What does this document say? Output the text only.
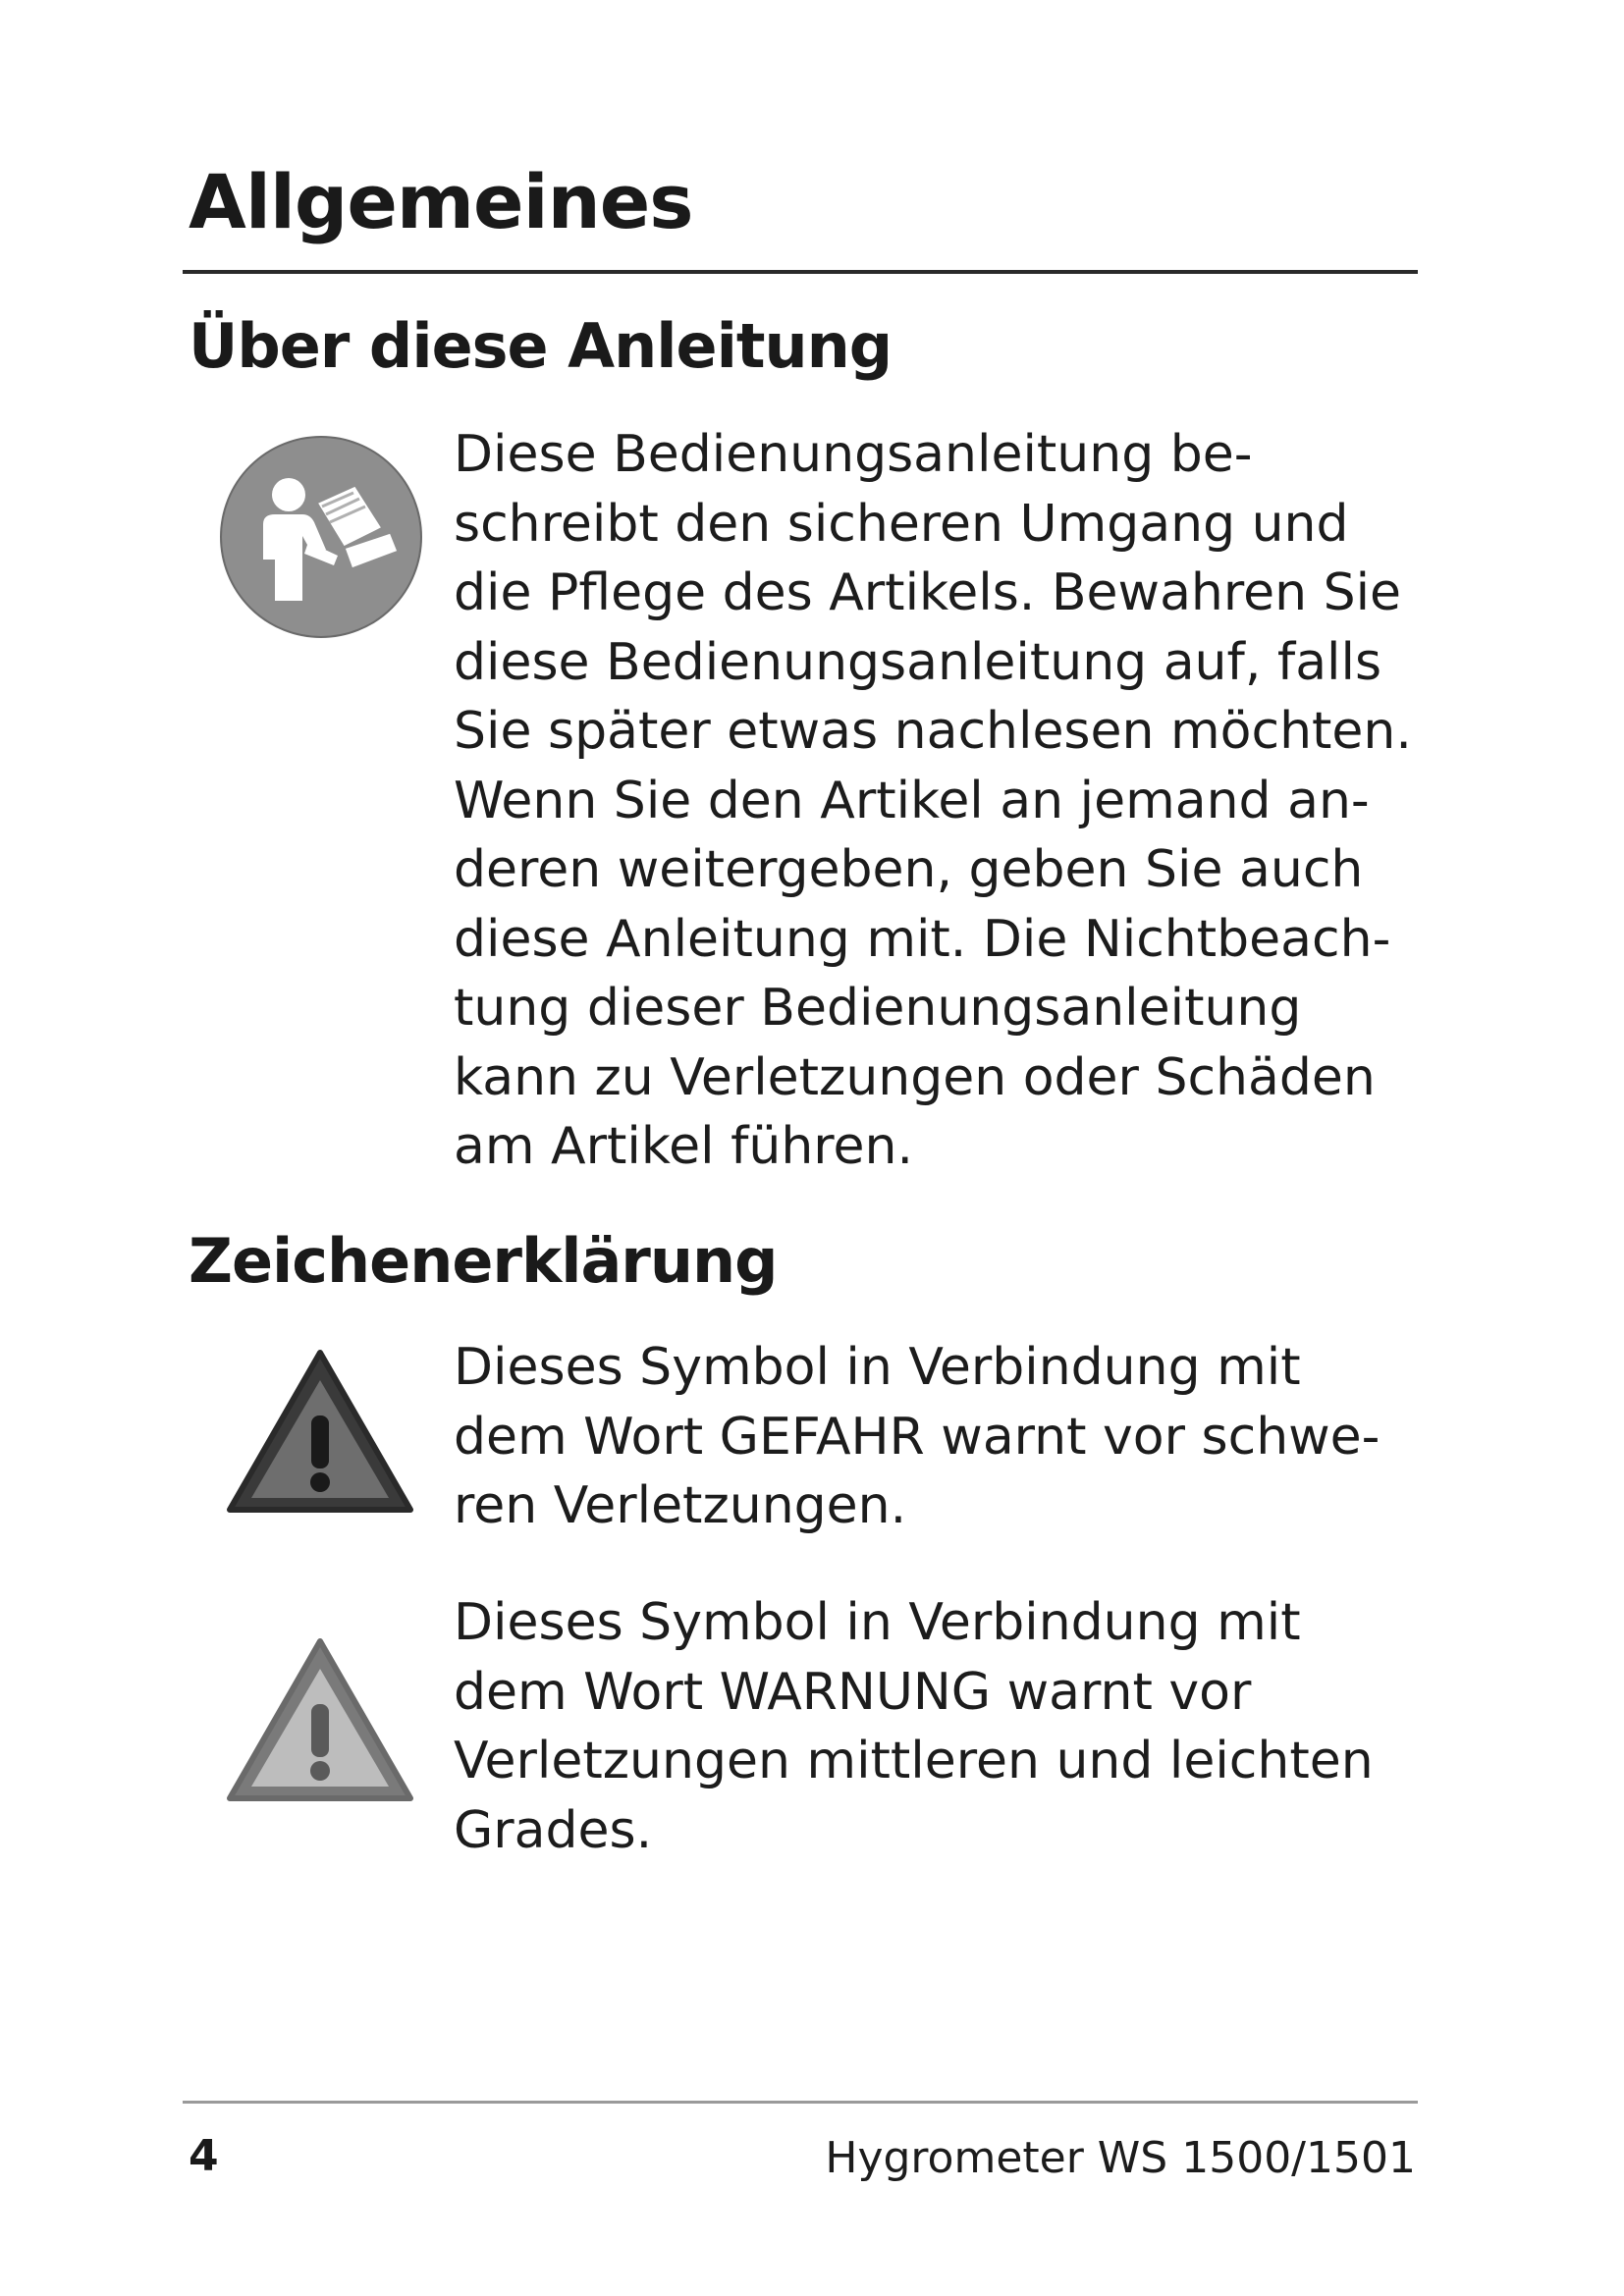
Allgemeines
Über diese Anleitung

Diese Bedienungsanleitung be-
schreibt den sicheren Umgang und
die Pflege des Artikels. Bewahren Sie
diese Bedienungsanleitung auf, falls
Sie später etwas nachlesen möchten.
Wenn Sie den Artikel an jemand an-
deren weitergeben, geben Sie auch
diese Anleitung mit. Die Nichtbeach-
tung dieser Bedienungsanleitung
kann zu Verletzungen oder Schäden
am Artikel führen.

Zeichenerklärung

Dieses Symbol in Verbindung mit
dem Wort GEFAHR warnt vor schwe-
ren Verletzungen.

Dieses Symbol in Verbindung mit
dem Wort WARNUNG warnt vor
Verletzungen mittleren und leichten
Grades.

4	Hygrometer WS 1500/1501
